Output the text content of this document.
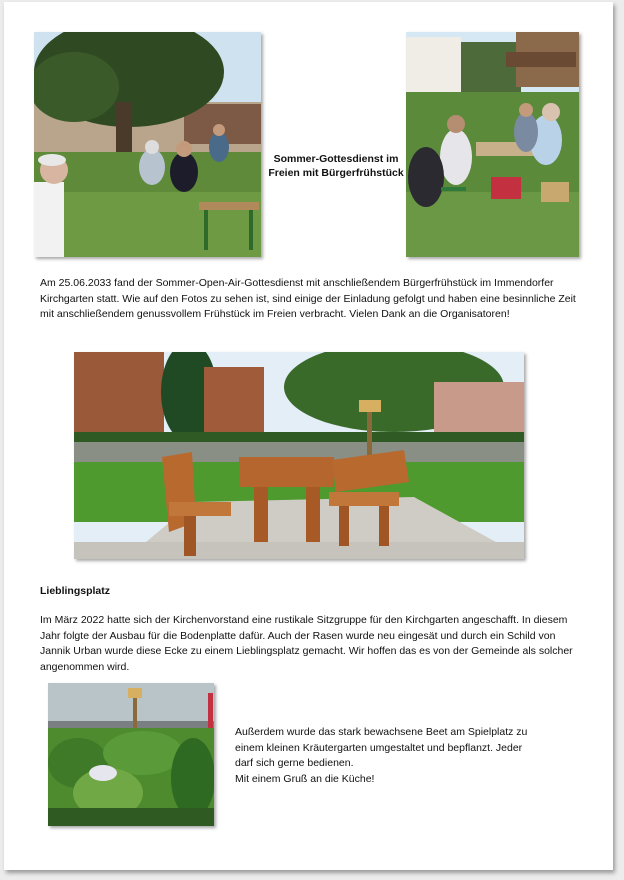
Sommer-Gottesdienst im Freien mit Bürgerfrühstück

Am 25.06.2033 fand der Sommer-Open-Air-Gottesdienst mit anschließendem Bürgerfrühstück im Immendorfer Kirchgarten statt. Wie auf den Fotos zu sehen ist, sind einige der Einladung gefolgt und haben eine besinnliche Zeit mit anschließendem genussvollem Frühstück im Freien verbracht. Vielen Dank an die Organisatoren!

Lieblingsplatz

Im März 2022 hatte sich der Kirchenvorstand eine rustikale Sitzgruppe für den Kirchgarten angeschafft. In diesem Jahr folgte der Ausbau für die Bodenplatte dafür. Auch der Rasen wurde neu eingesät und durch ein Schild von Jannik Urban wurde diese Ecke zu einem Lieblingsplatz gemacht. Wir hoffen das es von der Gemeinde als solcher angenommen wird.

Außerdem wurde das stark bewachsene Beet am Spielplatz zu
einem kleinen Kräutergarten umgestaltet und bepflanzt. Jeder
darf sich gerne bedienen.
Mit einem Gruß an die Küche!
